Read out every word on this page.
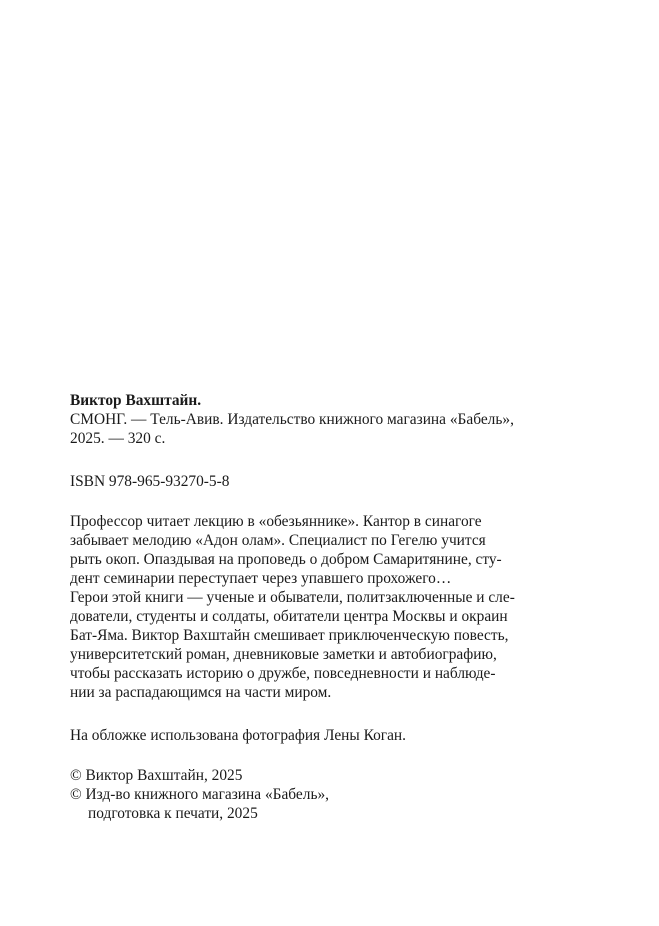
Виктор Вахштайн.
СМОНГ. — Тель-Авив. Издательство книжного магазина «Бабель»,
2025. — 320 с.
ISBN 978-965-93270-5-8
Профессор читает лекцию в «обезьяннике». Кантор в синагоге
забывает мелодию «Адон олам». Специалист по Гегелю учится
рыть окоп. Опаздывая на проповедь о добром Самаритянине, сту-
дент семинарии переступает через упавшего прохожего…
Герои этой книги — ученые и обыватели, политзаключенные и сле-
дователи, студенты и солдаты, обитатели центра Москвы и окраин
Бат-Яма. Виктор Вахштайн смешивает приключенческую повесть,
университетский роман, дневниковые заметки и автобиографию,
чтобы рассказать историю о дружбе, повседневности и наблюде-
нии за распадающимся на части миром.
На обложке использована фотография Лены Коган.
© Виктор Вахштайн, 2025
© Изд-во книжного магазина «Бабель»,
подготовка к печати, 2025
